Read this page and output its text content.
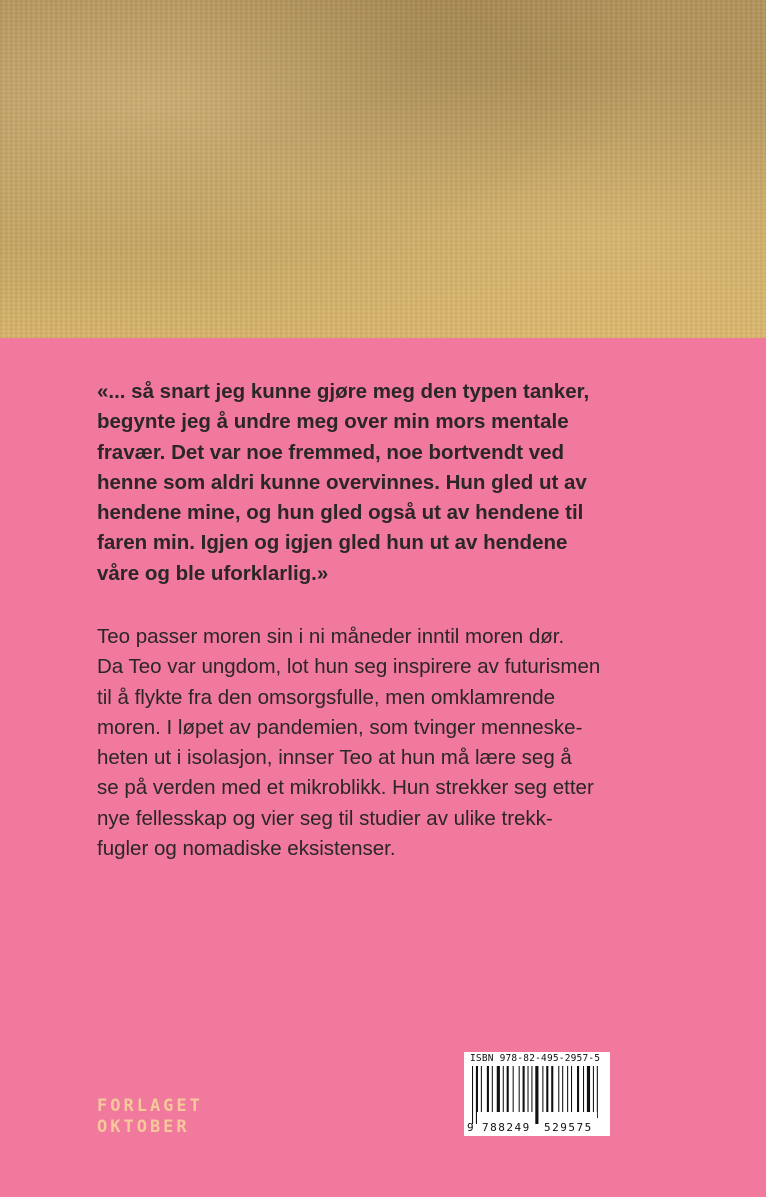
«... så snart jeg kunne gjøre meg den typen tanker,
begynte jeg å undre meg over min mors mentale
fravær. Det var noe fremmed, noe bortvendt ved
henne som aldri kunne overvinnes. Hun gled ut av
hendene mine, og hun gled også ut av hendene til
faren min. Igjen og igjen gled hun ut av hendene
våre og ble uforklarlig.»

Teo passer moren sin i ni måneder inntil moren dør.
Da Teo var ungdom, lot hun seg inspirere av futurismen
til å flykte fra den omsorgsfulle, men omklamrende
moren. I løpet av pandemien, som tvinger menneske-
heten ut i isolasjon, innser Teo at hun må lære seg å
se på verden med et mikroblikk. Hun strekker seg etter
nye fellesskap og vier seg til studier av ulike trekk-
fugler og nomadiske eksistenser.

FORLAGET
OKTOBER
ISBN 978-82-495-2957-5
9 788249 529575
